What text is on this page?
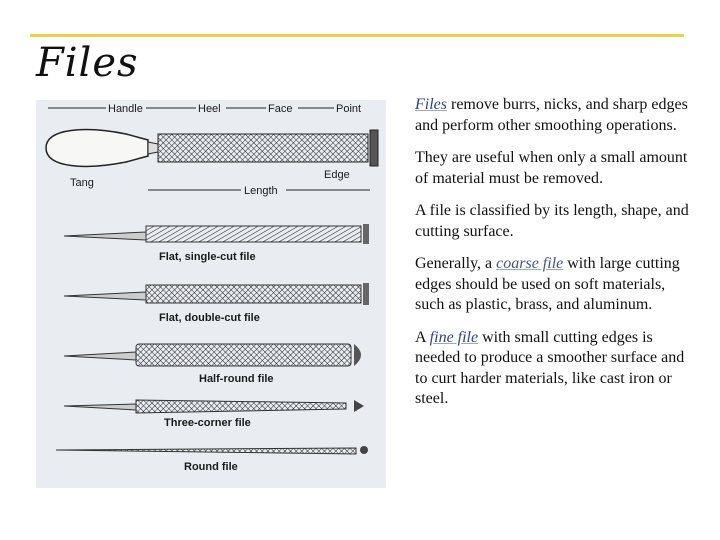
Files
Handle	Heel	Face	Point
Tang
Edge
Length
Flat, single-cut file
Flat, double-cut file
Half-round file
Three-corner file
Round file

Files remove burrs, nicks, and sharp edges and perform other smoothing operations.

They are useful when only a small amount of material must be removed.

A file is classified by its length, shape, and cutting surface.

Generally, a coarse file with large cutting edges should be used on soft materials, such as plastic, brass, and aluminum.

A fine file with small cutting edges is needed to produce a smoother surface and to curt harder materials, like cast iron or steel.
